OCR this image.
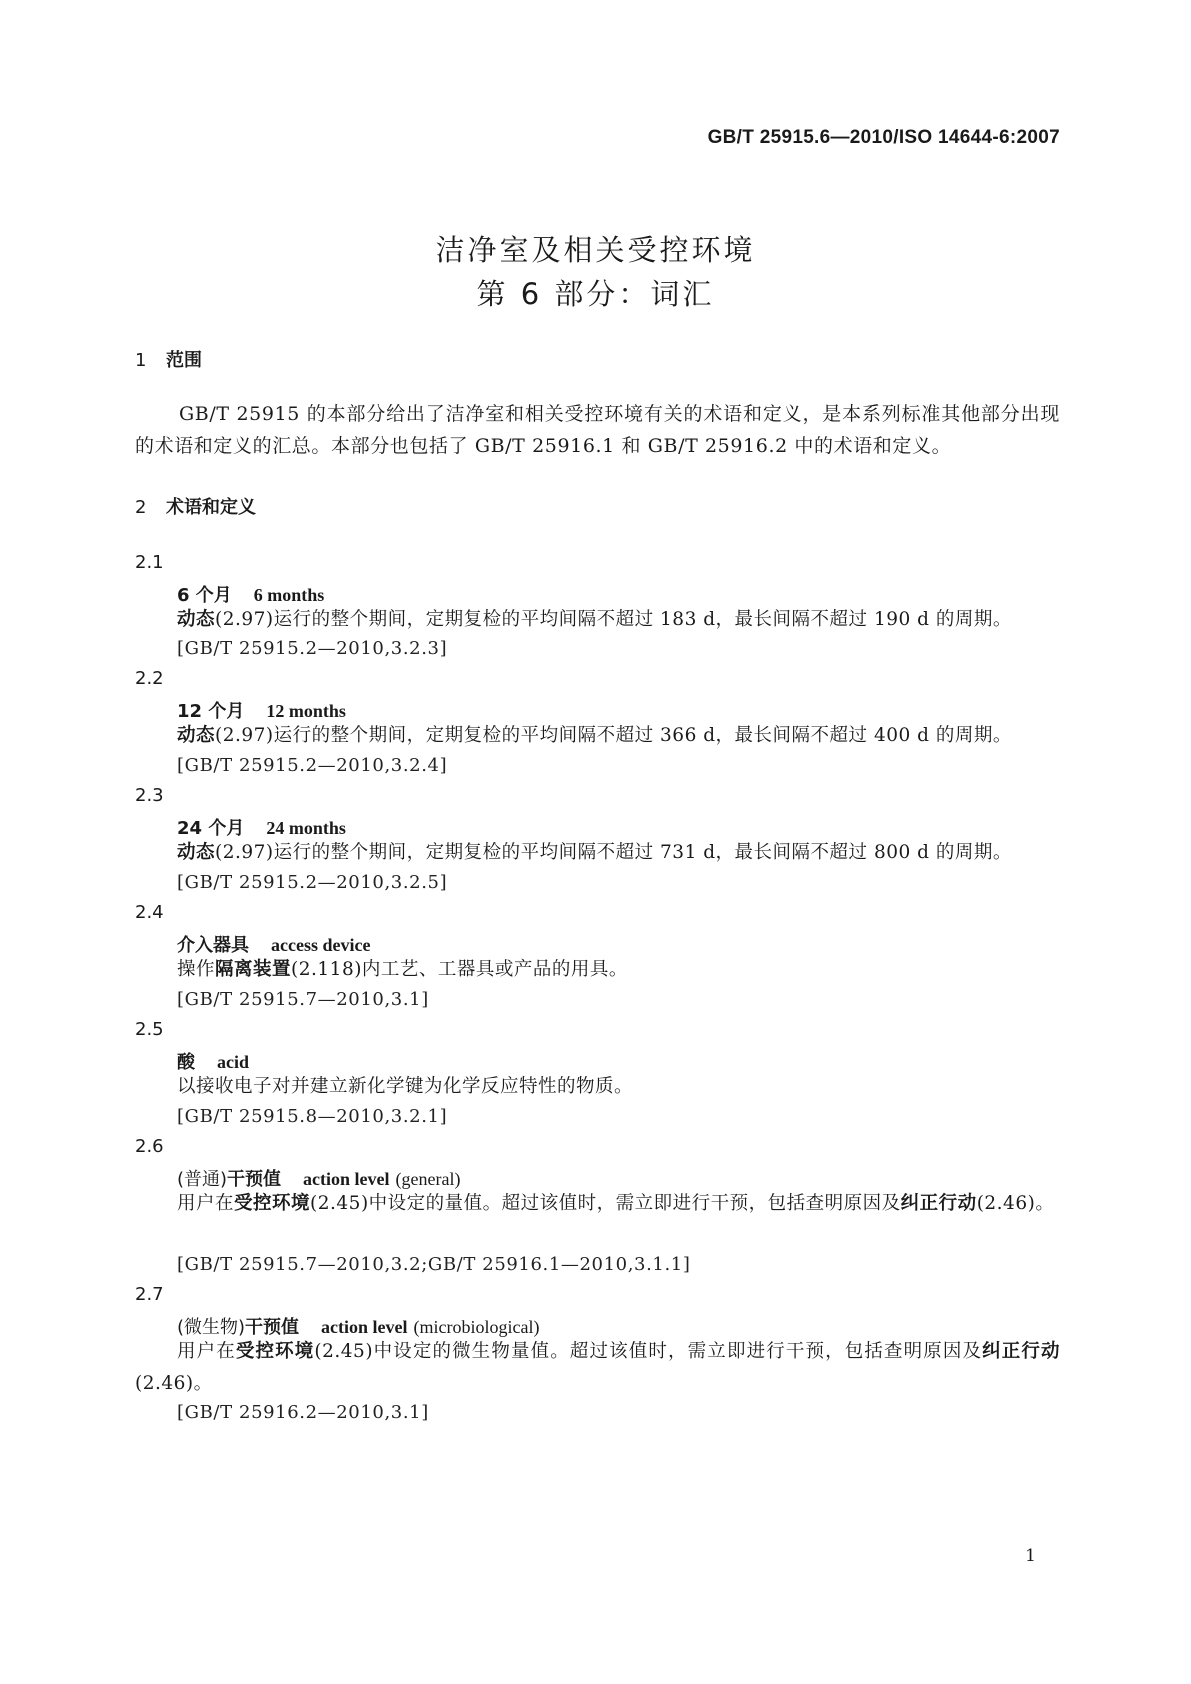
GB/T 25915.6—2010/ISO 14644-6:2007
洁净室及相关受控环境
第 6 部分：词汇
1 范围
GB/T 25915 的本部分给出了洁净室和相关受控环境有关的术语和定义，是本系列标准其他部分出现的术语和定义的汇总。本部分也包括了 GB/T 25916.1 和 GB/T 25916.2 中的术语和定义。
2 术语和定义
2.1
6 个月 6 months
动态(2.97)运行的整个期间，定期复检的平均间隔不超过 183 d，最长间隔不超过 190 d 的周期。
[GB/T 25915.2—2010,3.2.3]
2.2
12 个月 12 months
动态(2.97)运行的整个期间，定期复检的平均间隔不超过 366 d，最长间隔不超过 400 d 的周期。
[GB/T 25915.2—2010,3.2.4]
2.3
24 个月 24 months
动态(2.97)运行的整个期间，定期复检的平均间隔不超过 731 d，最长间隔不超过 800 d 的周期。
[GB/T 25915.2—2010,3.2.5]
2.4
介入器具 access device
操作隔离装置(2.118)内工艺、工器具或产品的用具。
[GB/T 25915.7—2010,3.1]
2.5
酸 acid
以接收电子对并建立新化学键为化学反应特性的物质。
[GB/T 25915.8—2010,3.2.1]
2.6
(普通)干预值 action level (general)
用户在受控环境(2.45)中设定的量值。超过该值时，需立即进行干预，包括查明原因及纠正行动(2.46)。
[GB/T 25915.7—2010,3.2;GB/T 25916.1—2010,3.1.1]
2.7
(微生物)干预值 action level (microbiological)
用户在受控环境(2.45)中设定的微生物量值。超过该值时，需立即进行干预，包括查明原因及纠正行动(2.46)。
[GB/T 25916.2—2010,3.1]
1
